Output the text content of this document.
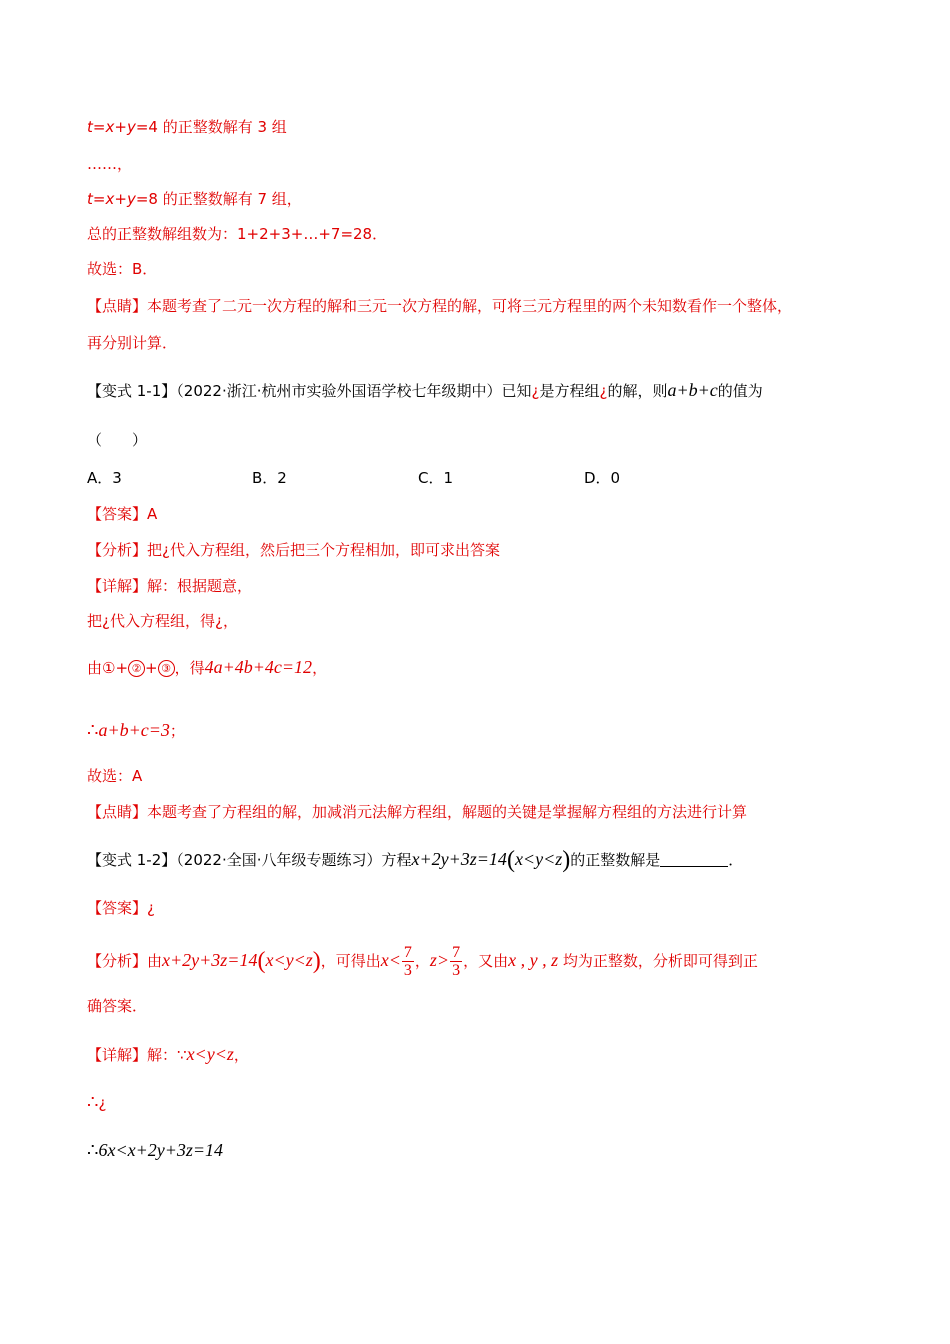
t=x+y=4 的正整数解有 3 组
……，
t=x+y=8 的正整数解有 7 组，
总的正整数解组数为：1+2+3+…+7=28．
故选：B．
【点睛】本题考查了二元一次方程的解和三元一次方程的解，可将三元方程里的两个未知数看作一个整体，
再分别计算．
【变式 1-1】（2022·浙江·杭州市实验外国语学校七年级期中）已知¿是方程组¿的解，则a+b+c的值为
（　　）
A．3	B．2	C．1	D．0
【答案】A
【分析】把¿代入方程组，然后把三个方程相加，即可求出答案
【详解】解：根据题意，
把¿代入方程组，得¿，
由①+ ② + ③ ，得4a+4b+4c=12，
∴a+b+c=3；
故选：A
【点睛】本题考查了方程组的解，加减消元法解方程组，解题的关键是掌握解方程组的方法进行计算
【变式 1-2】（2022·全国·八年级专题练习）方程x+2y+3z=14(x<y<z)的正整数解是	．
【答案】¿
【分析】由x+2y+3z=14(x<y<z)，可得出$x< \frac{7}{3}$ ，$z> \frac{7}{3}$ ，又由x , y , z 均为正整数，分析即可得到正
确答案．
【详解】解：∵x<y<z，
∴¿
∴6x<x+2y+3z=14
